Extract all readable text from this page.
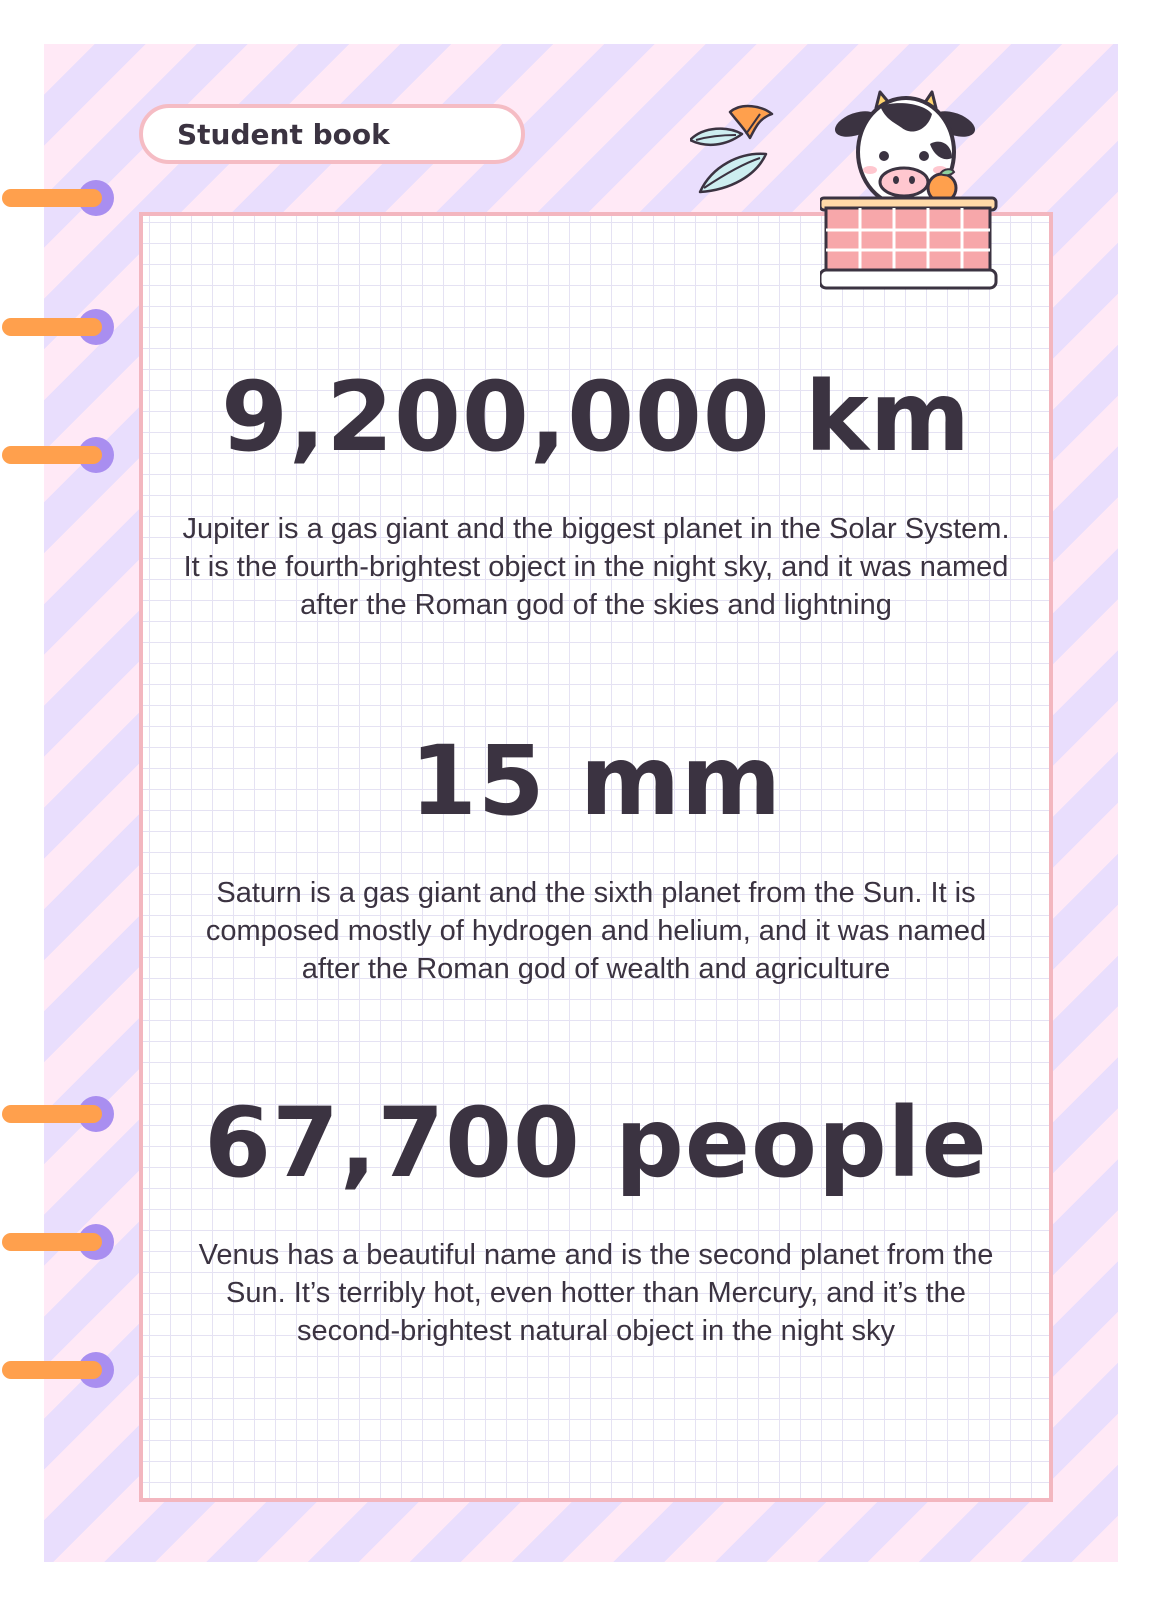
Student book
9,200,000 km
Jupiter is a gas giant and the biggest planet in the Solar System. It is the fourth-brightest object in the night sky, and it was named after the Roman god of the skies and lightning
15 mm
Saturn is a gas giant and the sixth planet from the Sun. It is composed mostly of hydrogen and helium, and it was named after the Roman god of wealth and agriculture
67,700 people
Venus has a beautiful name and is the second planet from the Sun. It’s terribly hot, even hotter than Mercury, and it’s the second-brightest natural object in the night sky
